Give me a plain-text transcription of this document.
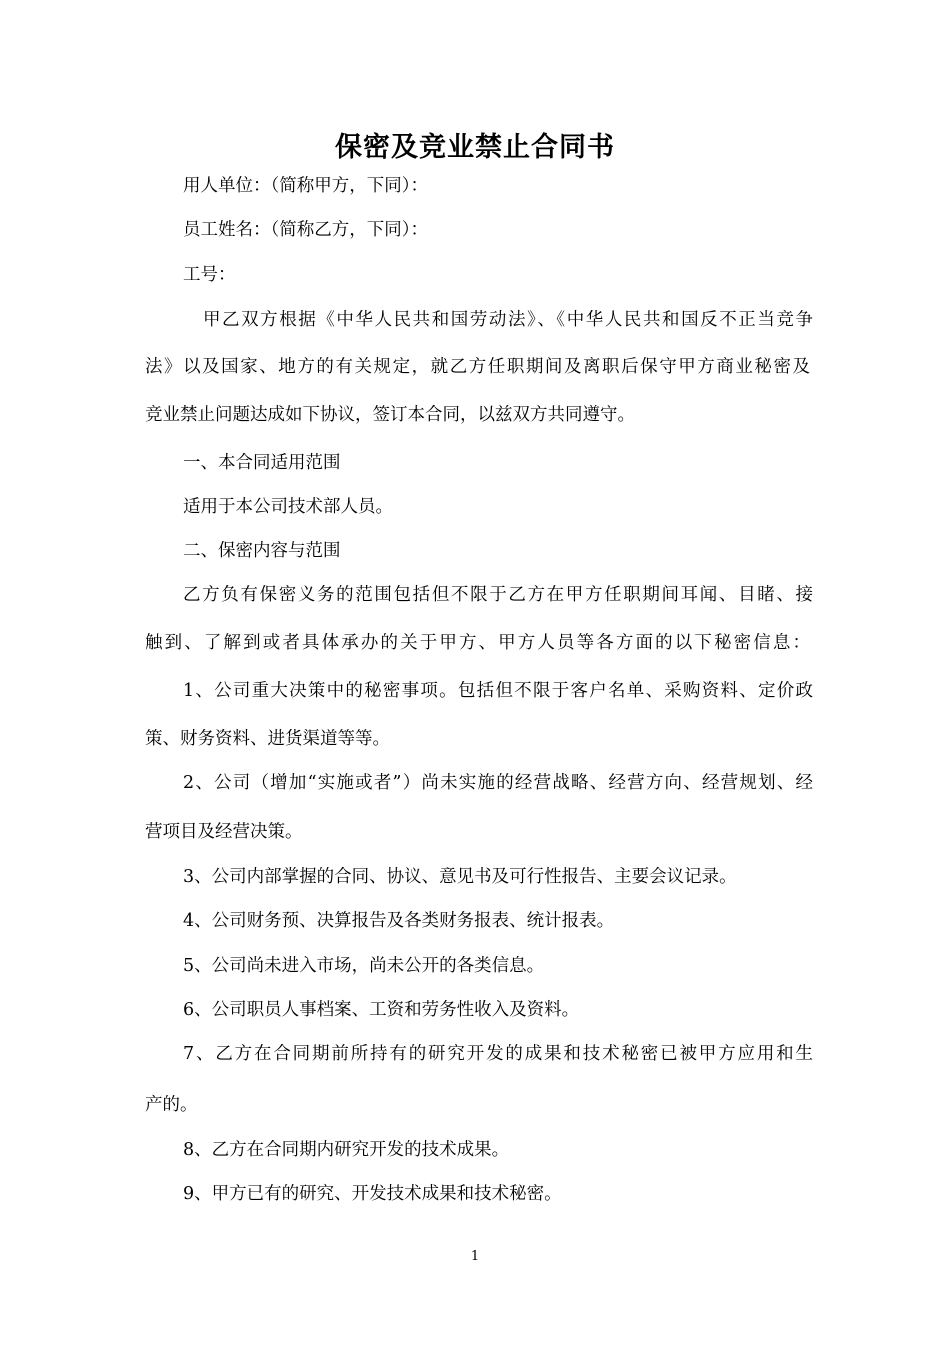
保密及竞业禁止合同书
用人单位：（简称甲方，下同）：
员工姓名：（简称乙方，下同）：
工号：
甲乙双方根据《中华人民共和国劳动法》、《中华人民共和国反不正当竞争
法》以及国家、地方的有关规定，就乙方任职期间及离职后保守甲方商业秘密及
竞业禁止问题达成如下协议，签订本合同，以兹双方共同遵守。
一、本合同适用范围
适用于本公司技术部人员。
二、保密内容与范围
乙方负有保密义务的范围包括但不限于乙方在甲方任职期间耳闻、目睹、接
触到、了解到或者具体承办的关于甲方、甲方人员等各方面的以下秘密信息：
1、公司重大决策中的秘密事项。包括但不限于客户名单、采购资料、定价政
策、财务资料、进货渠道等等。
2、公司（增加“实施或者”）尚未实施的经营战略、经营方向、经营规划、经
营项目及经营决策。
3、公司内部掌握的合同、协议、意见书及可行性报告、主要会议记录。
4、公司财务预、决算报告及各类财务报表、统计报表。
5、公司尚未进入市场，尚未公开的各类信息。
6、公司职员人事档案、工资和劳务性收入及资料。
7、乙方在合同期前所持有的研究开发的成果和技术秘密已被甲方应用和生
产的。
8、乙方在合同期内研究开发的技术成果。
9、甲方已有的研究、开发技术成果和技术秘密。
1
